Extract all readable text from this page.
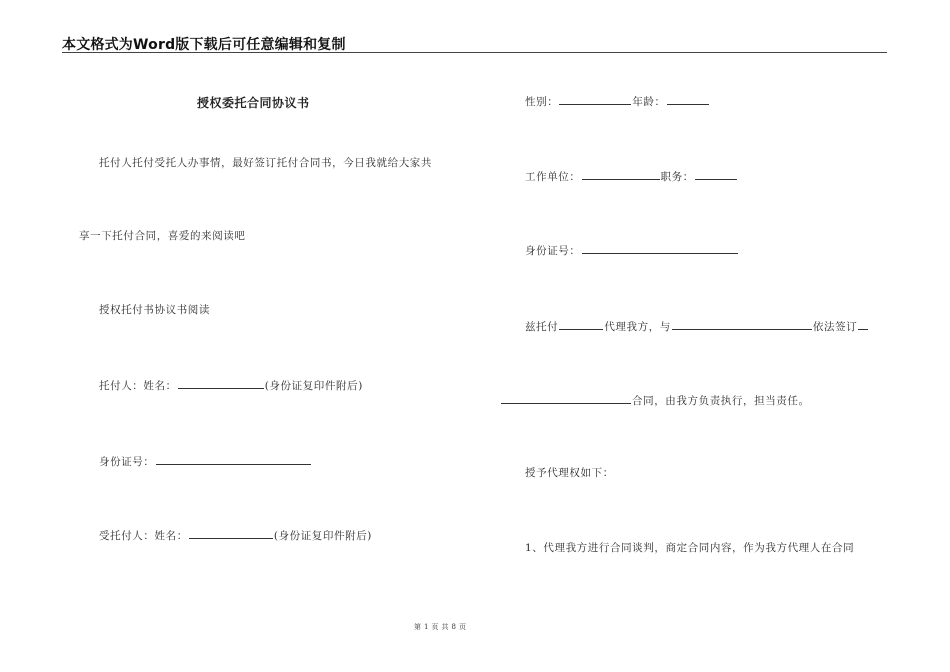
本文格式为Word版下载后可任意编辑和复制
授权委托合同协议书
托付人托付受托人办事情，最好签订托付合同书，今日我就给大家共
享一下托付合同，喜爱的来阅读吧
授权托付书协议书阅读
托付人：姓名：	(身份证复印件附后)
身份证号：
受托付人：姓名：	(身份证复印件附后)
性别：	年龄：
工作单位：	职务：
身份证号：
兹托付	代理我方，与	依法签订
合同，由我方负责执行，担当责任。
授予代理权如下：
1、代理我方进行合同谈判，商定合同内容，作为我方代理人在合同
第 1 页 共 8 页
